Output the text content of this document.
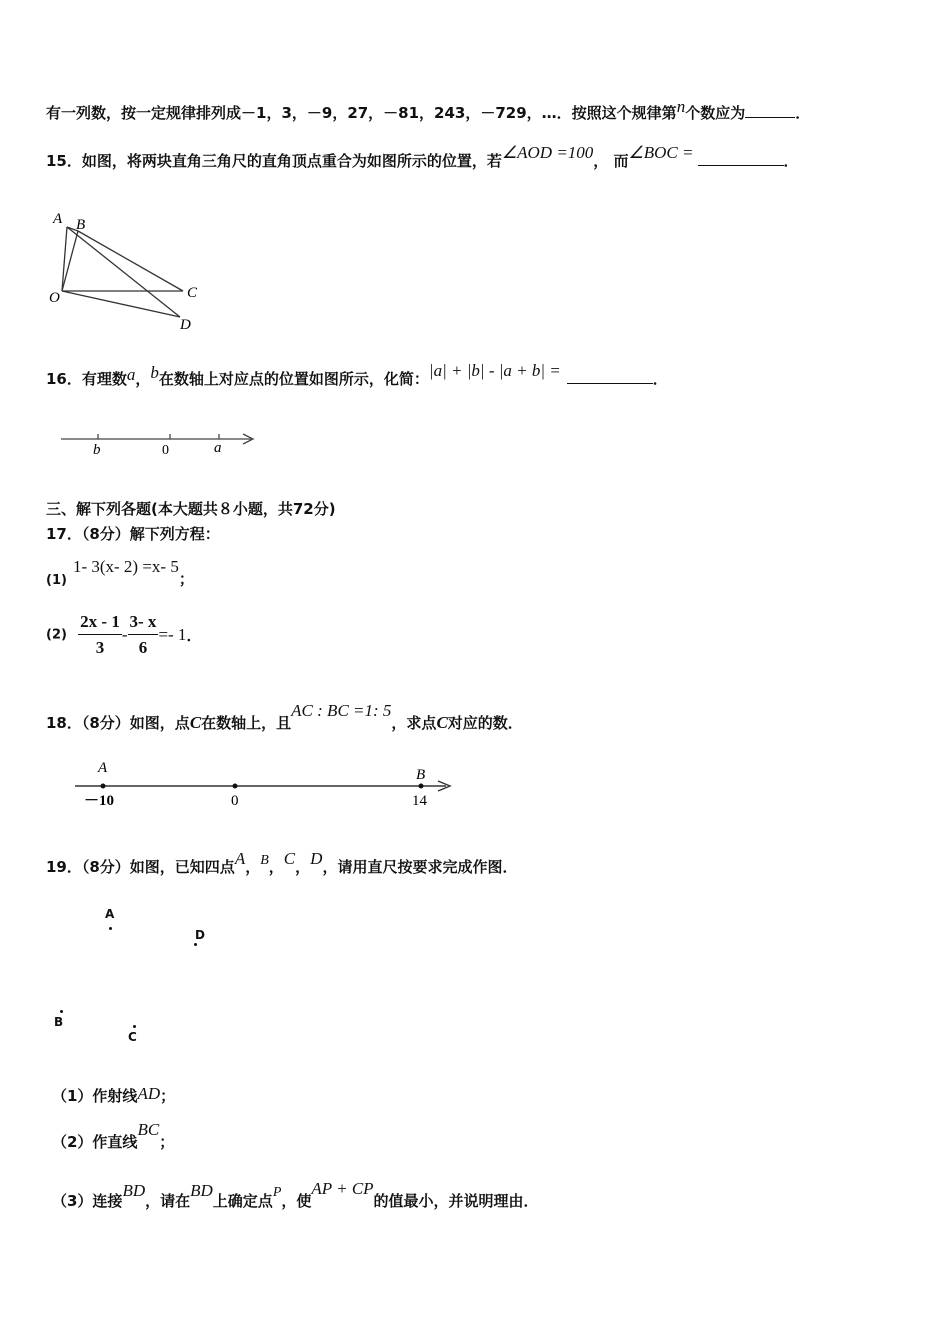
有一列数，按一定规律排列成－1，3，－9，27，－81，243，－729，…．按照这个规律第n个数应为	．
15．如图，将两块直角三角尺的直角顶点重合为如图所示的位置，若∠AOD =100， 而∠BOC =	．
A B
C
O
D
16．有理数a，b在数轴上对应点的位置如图所示，化简：|a| + |b| - |a + b| =	．
b	0	a
三、解下列各题(本大题共８小题，共72分)
17．（8分）解下列方程：
(1)1- 3(x- 2) =x- 5；
$(2) \frac{2x - 1}{3} - \frac{3- x}{6} =- 1$．
18．（8分）如图，点C在数轴上，且AC : BC =1: 5，求点C对应的数．
A	B
－10	0	14
19．（8分）如图，已知四点A，B，C，D，请用直尺按要求完成作图．
A
D
B
C
（1）作射线AD；
（2）作直线BC；
（3）连接BD，请在BD上确定点P，使AP + CP的值最小，并说明理由．
